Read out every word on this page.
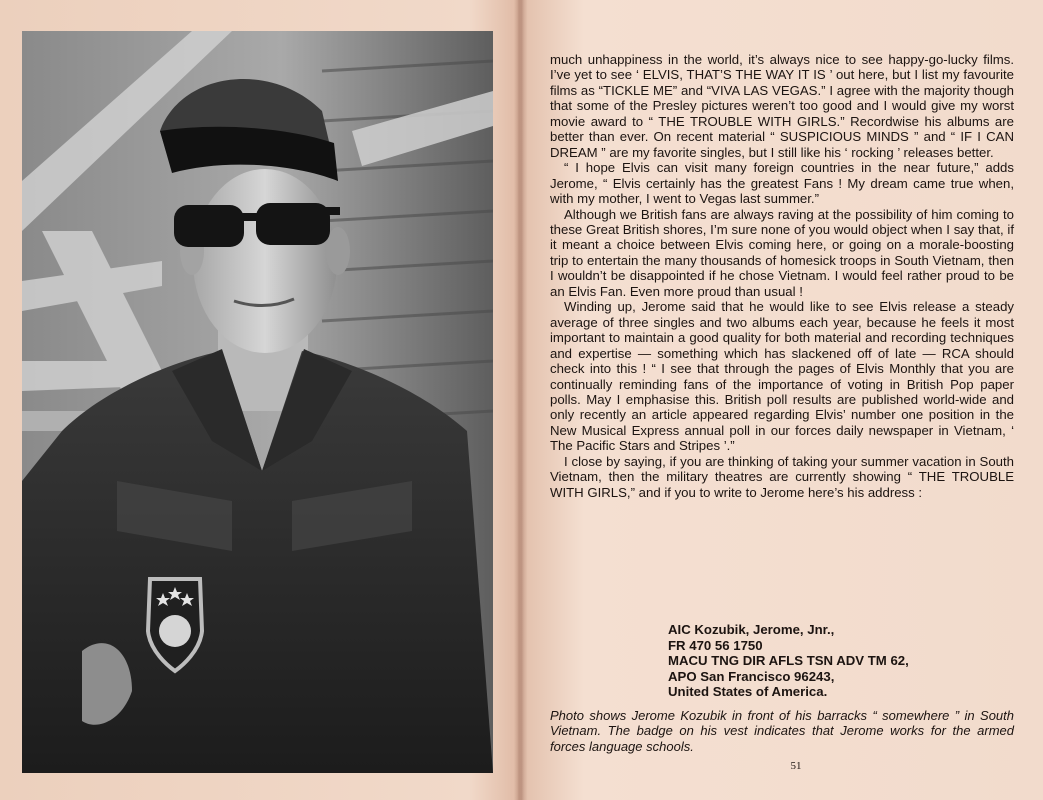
much unhappiness in the world, it’s always nice to see happy-go-lucky films. I’ve yet to see ‘ ELVIS, THAT’S THE WAY IT IS ’ out here, but I list my favourite films as “TICKLE ME” and “VIVA LAS VEGAS.” I agree with the majority though that some of the Presley pictures weren’t too good and I would give my worst movie award to “ THE TROUBLE WITH GIRLS.” Recordwise his albums are better than ever. On recent material “ SUSPICIOUS MINDS ” and “ IF I CAN DREAM ” are my favorite singles, but I still like his ‘ rocking ’ releases better.

“ I hope Elvis can visit many foreign countries in the near future,” adds Jerome, “ Elvis certainly has the greatest Fans ! My dream came true when, with my mother, I went to Vegas last summer.”

Although we British fans are always raving at the possibility of him coming to these Great British shores, I’m sure none of you would object when I say that, if it meant a choice between Elvis coming here, or going on a morale-boosting trip to entertain the many thousands of homesick troops in South Vietnam, then I wouldn’t be disappointed if he chose Vietnam. I would feel rather proud to be an Elvis Fan. Even more proud than usual !

Winding up, Jerome said that he would like to see Elvis release a steady average of three singles and two albums each year, because he feels it most important to maintain a good quality for both material and recording techniques and expertise — something which has slackened off of late — RCA should check into this ! “ I see that through the pages of Elvis Monthly that you are continually reminding fans of the importance of voting in British Pop paper polls. May I emphasise this. British poll results are published world-wide and only recently an article appeared regarding Elvis’ number one position in the New Musical Express annual poll in our forces daily newspaper in Vietnam, ‘ The Pacific Stars and Stripes ’.”

I close by saying, if you are thinking of taking your summer vacation in South Vietnam, then the military theatres are currently showing “ THE TROUBLE WITH GIRLS,” and if you to write to Jerome here’s his address :

AIC Kozubik, Jerome, Jnr.,
FR 470 56 1750
MACU TNG DIR AFLS TSN ADV TM 62,
APO San Francisco 96243,
United States of America.
Photo shows Jerome Kozubik in front of his barracks “ somewhere ” in South Vietnam. The badge on his vest indicates that Jerome works for the armed forces language schools.
51
